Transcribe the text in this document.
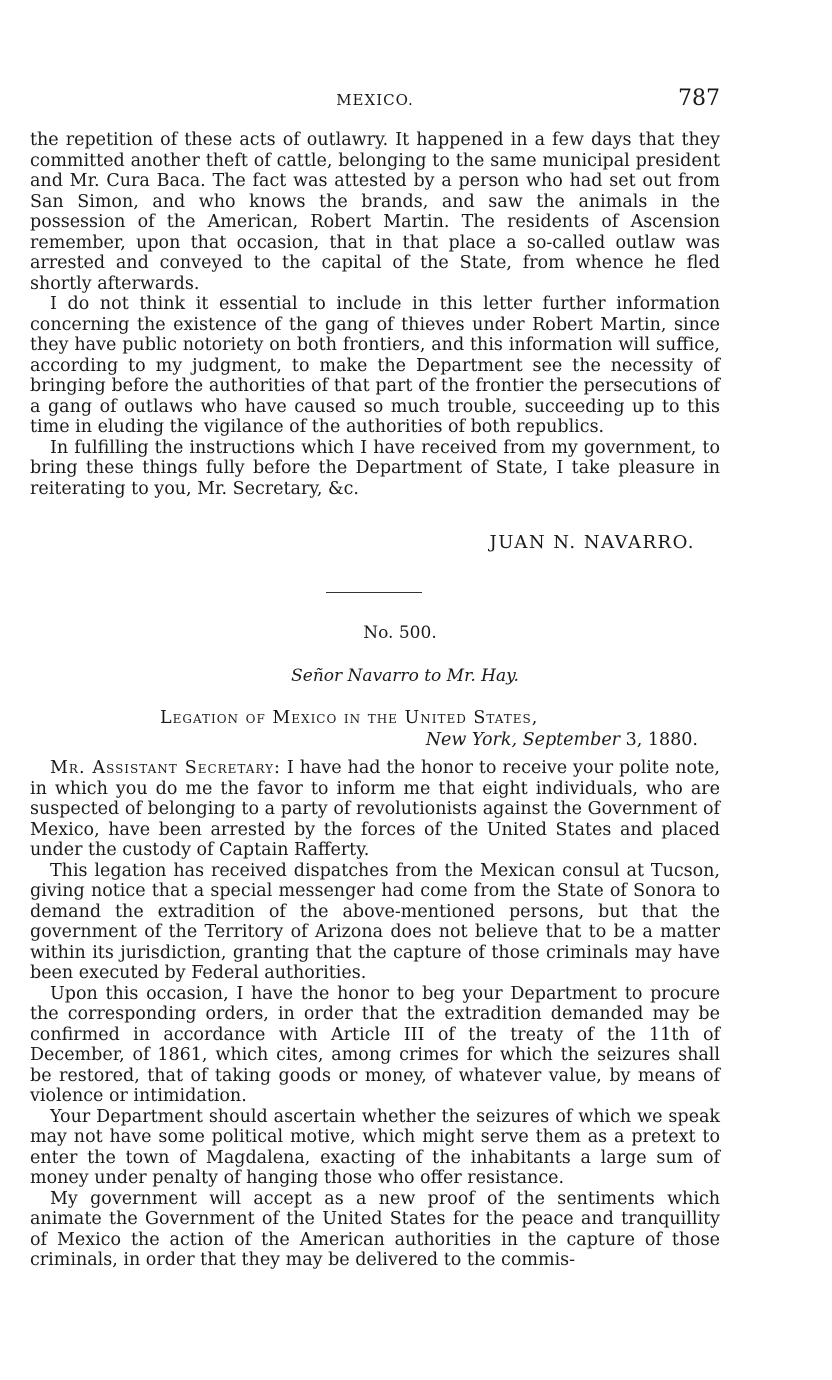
MEXICO.	787

the repetition of these acts of outlawry. It happened in a few days that they committed another theft of cattle, belonging to the same municipal president and Mr. Cura Baca. The fact was attested by a person who had set out from San Simon, and who knows the brands, and saw the animals in the possession of the American, Robert Martin. The residents of Ascension remember, upon that occasion, that in that place a so-called outlaw was arrested and conveyed to the capital of the State, from whence he fled shortly afterwards.

I do not think it essential to include in this letter further information concerning the existence of the gang of thieves under Robert Martin, since they have public notoriety on both frontiers, and this information will suffice, according to my judgment, to make the Department see the necessity of bringing before the authorities of that part of the frontier the persecutions of a gang of outlaws who have caused so much trouble, succeeding up to this time in eluding the vigilance of the authorities of both republics.

In fulfilling the instructions which I have received from my government, to bring these things fully before the Department of State, I take pleasure in reiterating to you, Mr. Secretary, &c.

JUAN N. NAVARRO.
No. 500.
Señor Navarro to Mr. Hay.
Legation of Mexico in the United States,
New York, September 3, 1880.

Mr. Assistant Secretary: I have had the honor to receive your polite note, in which you do me the favor to inform me that eight individuals, who are suspected of belonging to a party of revolutionists against the Government of Mexico, have been arrested by the forces of the United States and placed under the custody of Captain Rafferty.

This legation has received dispatches from the Mexican consul at Tucson, giving notice that a special messenger had come from the State of Sonora to demand the extradition of the above-mentioned persons, but that the government of the Territory of Arizona does not believe that to be a matter within its jurisdiction, granting that the capture of those criminals may have been executed by Federal authorities.

Upon this occasion, I have the honor to beg your Department to procure the corresponding orders, in order that the extradition demanded may be confirmed in accordance with Article III of the treaty of the 11th of December, of 1861, which cites, among crimes for which the seizures shall be restored, that of taking goods or money, of whatever value, by means of violence or intimidation.

Your Department should ascertain whether the seizures of which we speak may not have some political motive, which might serve them as a pretext to enter the town of Magdalena, exacting of the inhabitants a large sum of money under penalty of hanging those who offer resistance.

My government will accept as a new proof of the sentiments which animate the Government of the United States for the peace and tranquillity of Mexico the action of the American authorities in the capture of those criminals, in order that they may be delivered to the commis-
